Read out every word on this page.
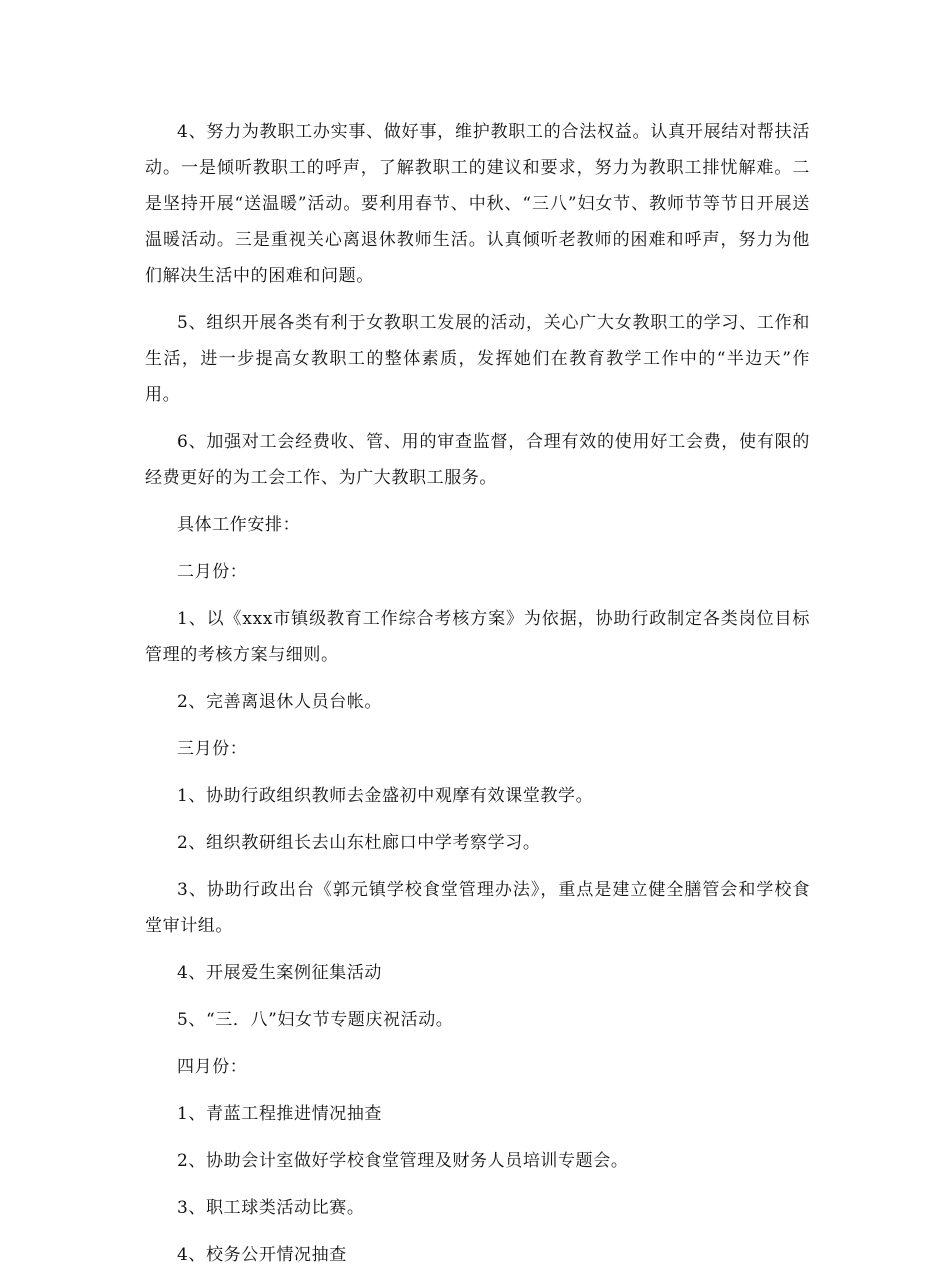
4、努力为教职工办实事、做好事，维护教职工的合法权益。认真开展结对帮扶活动。一是倾听教职工的呼声，了解教职工的建议和要求，努力为教职工排忧解难。二是坚持开展“送温暖”活动。要利用春节、中秋、“三八”妇女节、教师节等节日开展送温暖活动。三是重视关心离退休教师生活。认真倾听老教师的困难和呼声，努力为他们解决生活中的困难和问题。

5、组织开展各类有利于女教职工发展的活动，关心广大女教职工的学习、工作和生活，进一步提高女教职工的整体素质，发挥她们在教育教学工作中的“半边天”作用。

6、加强对工会经费收、管、用的审查监督，合理有效的使用好工会费，使有限的经费更好的为工会工作、为广大教职工服务。

具体工作安排：

二月份：

1、以《xxx市镇级教育工作综合考核方案》为依据，协助行政制定各类岗位目标管理的考核方案与细则。

2、完善离退休人员台帐。

三月份：

1、协助行政组织教师去金盛初中观摩有效课堂教学。

2、组织教研组长去山东杜廊口中学考察学习。

3、协助行政出台《郭元镇学校食堂管理办法》，重点是建立健全膳管会和学校食堂审计组。

4、开展爱生案例征集活动

5、“三．八”妇女节专题庆祝活动。

四月份：

1、青蓝工程推进情况抽查

2、协助会计室做好学校食堂管理及财务人员培训专题会。

3、职工球类活动比赛。

4、校务公开情况抽查
